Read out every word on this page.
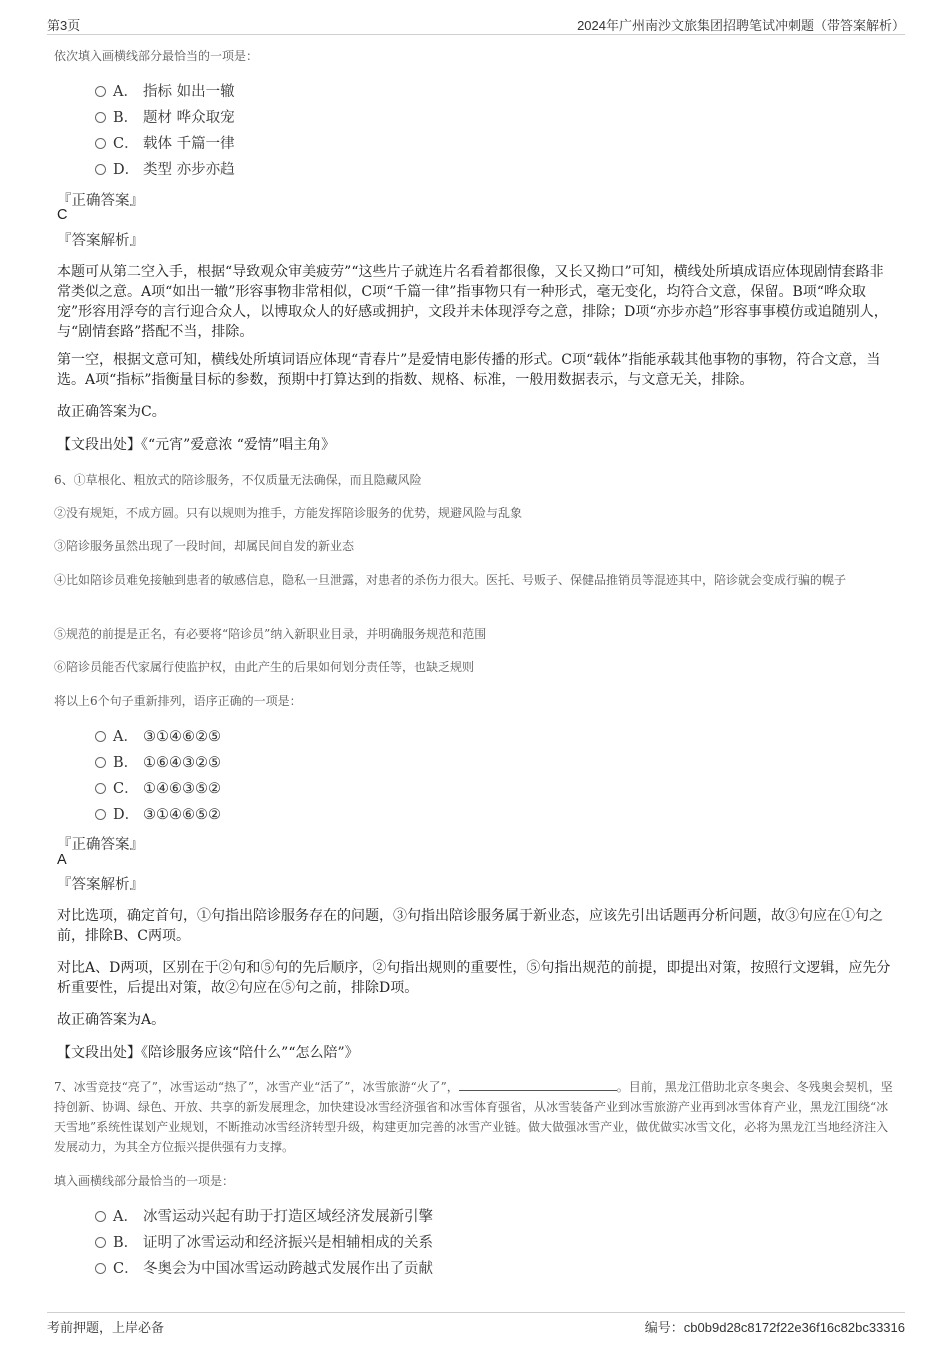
第3页	2024年广州南沙文旅集团招聘笔试冲刺题（带答案解析）
依次填入画横线部分最恰当的一项是：
A． 指标 如出一辙
B． 题材 哗众取宠
C． 载体 千篇一律
D． 类型 亦步亦趋
『正确答案』
C
『答案解析』
本题可从第二空入手，根据“导致观众审美疲劳”“这些片子就连片名看着都很像，又长又拗口”可知，横线处所填成语应体现剧情套路非常类似之意。A项“如出一辙”形容事物非常相似，C项“千篇一律”指事物只有一种形式，毫无变化，均符合文意，保留。B项“哗众取宠”形容用浮夸的言行迎合众人，以博取众人的好感或拥护，文段并未体现浮夸之意，排除；D项“亦步亦趋”形容事事模仿或追随别人，与“剧情套路”搭配不当，排除。
第一空，根据文意可知，横线处所填词语应体现“青春片”是爱情电影传播的形式。C项“载体”指能承载其他事物的事物，符合文意，当选。A项“指标”指衡量目标的参数，预期中打算达到的指数、规格、标准，一般用数据表示，与文意无关，排除。
故正确答案为C。
【文段出处】《“元宵”爱意浓 “爱情”唱主角》
6、①草根化、粗放式的陪诊服务，不仅质量无法确保，而且隐藏风险
②没有规矩，不成方圆。只有以规则为推手，方能发挥陪诊服务的优势，规避风险与乱象
③陪诊服务虽然出现了一段时间，却属民间自发的新业态
④比如陪诊员难免接触到患者的敏感信息，隐私一旦泄露，对患者的杀伤力很大。医托、号贩子、保健品推销员等混迹其中，陪诊就会变成行骗的幌子
⑤规范的前提是正名，有必要将“陪诊员”纳入新职业目录，并明确服务规范和范围
⑥陪诊员能否代家属行使监护权，由此产生的后果如何划分责任等，也缺乏规则
将以上6个句子重新排列，语序正确的一项是：
A． ③①④⑥②⑤
B． ①⑥④③②⑤
C． ①④⑥③⑤②
D． ③①④⑥⑤②
『正确答案』
A
『答案解析』
对比选项，确定首句，①句指出陪诊服务存在的问题，③句指出陪诊服务属于新业态，应该先引出话题再分析问题，故③句应在①句之前，排除B、C两项。
对比A、D两项，区别在于②句和⑤句的先后顺序，②句指出规则的重要性，⑤句指出规范的前提，即提出对策，按照行文逻辑，应先分析重要性，后提出对策，故②句应在⑤句之前，排除D项。
故正确答案为A。
【文段出处】《陪诊服务应该“陪什么”“怎么陪”》
7、冰雪竞技“亮了”，冰雪运动“热了”，冰雪产业“活了”，冰雪旅游“火了”，	。目前，黑龙江借助北京冬奥会、冬残奥会契机，坚持创新、协调、绿色、开放、共享的新发展理念，加快建设冰雪经济强省和冰雪体育强省，从冰雪装备产业到冰雪旅游产业再到冰雪体育产业，黑龙江围绕“冰天雪地”系统性谋划产业规划，不断推动冰雪经济转型升级，构建更加完善的冰雪产业链。做大做强冰雪产业，做优做实冰雪文化，必将为黑龙江当地经济注入发展动力，为其全方位振兴提供强有力支撑。
填入画横线部分最恰当的一项是：
A． 冰雪运动兴起有助于打造区域经济发展新引擎
B． 证明了冰雪运动和经济振兴是相辅相成的关系
C． 冬奥会为中国冰雪运动跨越式发展作出了贡献
考前押题，上岸必备	编号：cb0b9d28c8172f22e36f16c82bc33316
